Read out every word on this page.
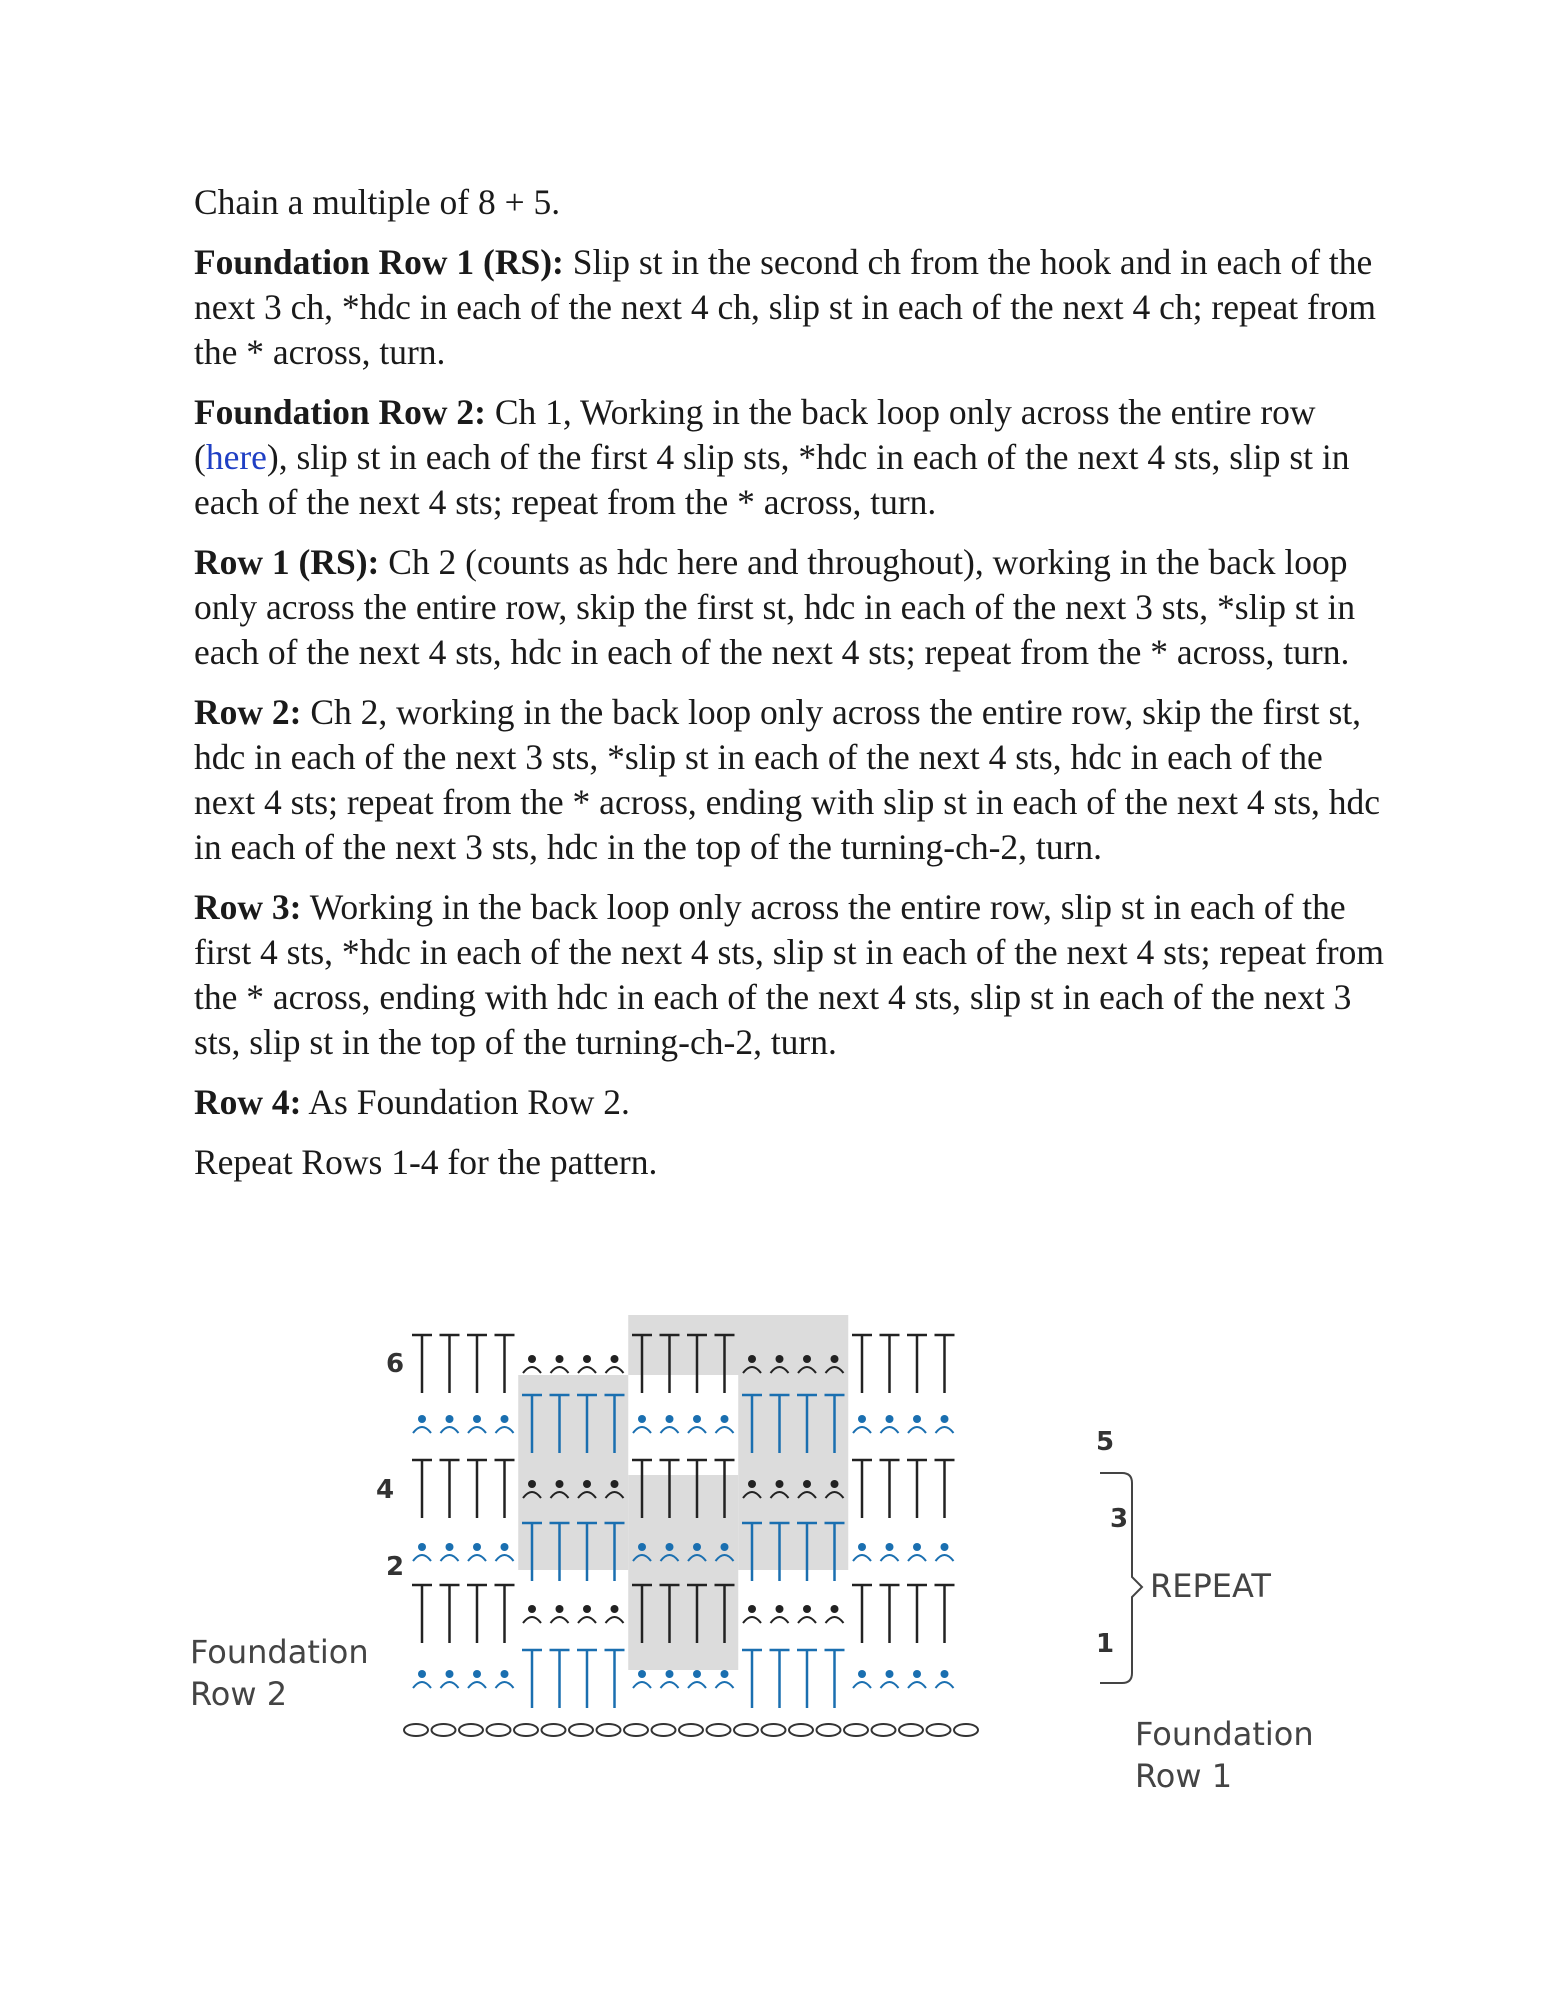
Chain a multiple of 8 + 5.

Foundation Row 1 (RS): Slip st in the second ch from the hook and in each of the next 3 ch, *hdc in each of the next 4 ch, slip st in each of the next 4 ch; repeat from the * across, turn.

Foundation Row 2: Ch 1, Working in the back loop only across the entire row (here), slip st in each of the first 4 slip sts, *hdc in each of the next 4 sts, slip st in each of the next 4 sts; repeat from the * across, turn.

Row 1 (RS): Ch 2 (counts as hdc here and throughout), working in the back loop only across the entire row, skip the first st, hdc in each of the next 3 sts, *slip st in each of the next 4 sts, hdc in each of the next 4 sts; repeat from the * across, turn.

Row 2: Ch 2, working in the back loop only across the entire row, skip the first st, hdc in each of the next 3 sts, *slip st in each of the next 4 sts, hdc in each of the next 4 sts; repeat from the * across, ending with slip st in each of the next 4 sts, hdc in each of the next 3 sts, hdc in the top of the turning-ch-2, turn.

Row 3: Working in the back loop only across the entire row, slip st in each of the first 4 sts, *hdc in each of the next 4 sts, slip st in each of the next 4 sts; repeat from the * across, ending with hdc in each of the next 4 sts, slip st in each of the next 3 sts, slip st in the top of the turning-ch-2, turn.

Row 4: As Foundation Row 2.

Repeat Rows 1-4 for the pattern.

6
4
2
5
3
1
REPEAT
Foundation
Row 2
Foundation
Row 1
